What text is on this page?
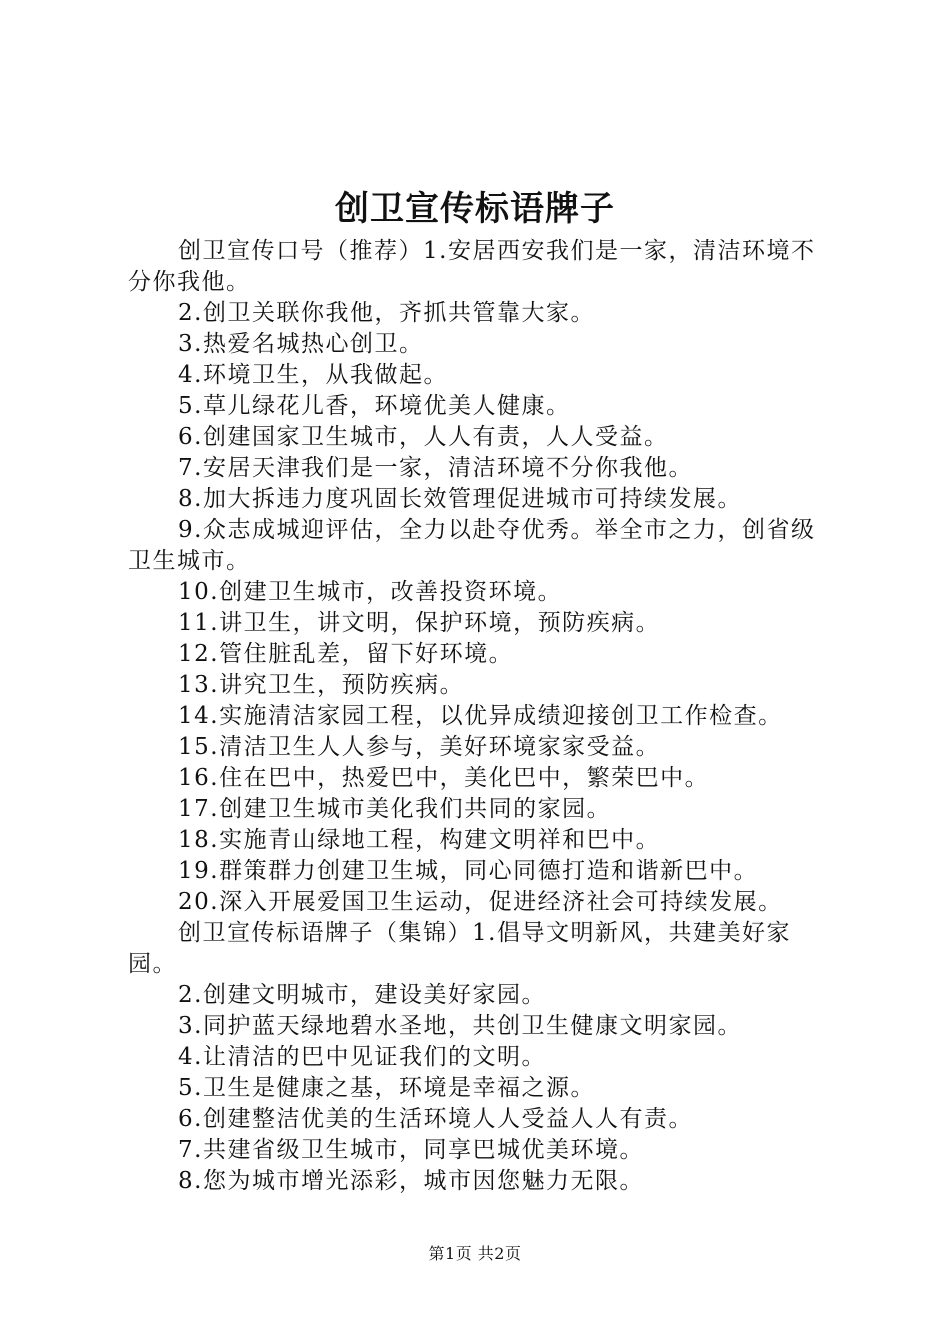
创卫宣传标语牌子

创卫宣传口号（推荐）1.安居西安我们是一家，清洁环境不分你我他。

2.创卫关联你我他，齐抓共管靠大家。

3.热爱名城热心创卫。

4.环境卫生，从我做起。

5.草儿绿花儿香，环境优美人健康。

6.创建国家卫生城市，人人有责，人人受益。

7.安居天津我们是一家，清洁环境不分你我他。

8.加大拆违力度巩固长效管理促进城市可持续发展。

9.众志成城迎评估，全力以赴夺优秀。举全市之力，创省级卫生城市。

10.创建卫生城市，改善投资环境。

11.讲卫生，讲文明，保护环境，预防疾病。

12.管住脏乱差，留下好环境。

13.讲究卫生，预防疾病。

14.实施清洁家园工程，以优异成绩迎接创卫工作检查。

15.清洁卫生人人参与，美好环境家家受益。

16.住在巴中，热爱巴中，美化巴中，繁荣巴中。

17.创建卫生城市美化我们共同的家园。

18.实施青山绿地工程，构建文明祥和巴中。

19.群策群力创建卫生城，同心同德打造和谐新巴中。

20.深入开展爱国卫生运动，促进经济社会可持续发展。

创卫宣传标语牌子（集锦）1.倡导文明新风，共建美好家园。

2.创建文明城市，建设美好家园。

3.同护蓝天绿地碧水圣地，共创卫生健康文明家园。

4.让清洁的巴中见证我们的文明。

5.卫生是健康之基，环境是幸福之源。

6.创建整洁优美的生活环境人人受益人人有责。

7.共建省级卫生城市，同享巴城优美环境。

8.您为城市增光添彩，城市因您魅力无限。

第1页 共2页
